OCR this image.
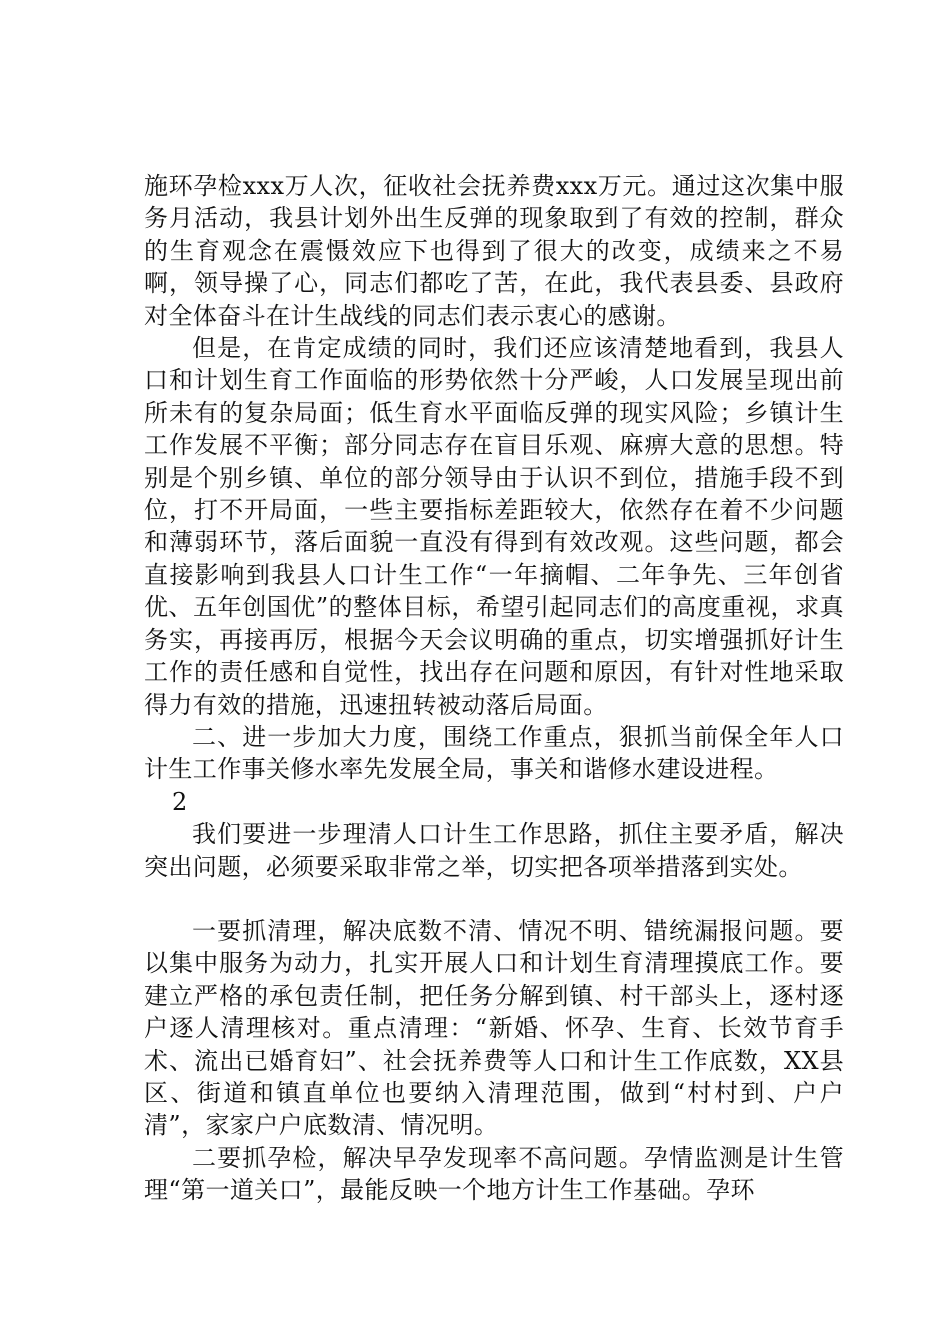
施环孕检xxx万人次，征收社会抚养费xxx万元。通过这次集中服务月活动，我县计划外出生反弹的现象取到了有效的控制，群众的生育观念在震慑效应下也得到了很大的改变，成绩来之不易啊，领导操了心，同志们都吃了苦，在此，我代表县委、县政府对全体奋斗在计生战线的同志们表示衷心的感谢。

但是，在肯定成绩的同时，我们还应该清楚地看到，我县人口和计划生育工作面临的形势依然十分严峻，人口发展呈现出前所未有的复杂局面；低生育水平面临反弹的现实风险；乡镇计生工作发展不平衡；部分同志存在盲目乐观、麻痹大意的思想。特别是个别乡镇、单位的部分领导由于认识不到位，措施手段不到位，打不开局面，一些主要指标差距较大，依然存在着不少问题和薄弱环节，落后面貌一直没有得到有效改观。这些问题，都会直接影响到我县人口计生工作“一年摘帽、二年争先、三年创省优、五年创国优”的整体目标，希望引起同志们的高度重视，求真务实，再接再厉，根据今天会议明确的重点，切实增强抓好计生工作的责任感和自觉性，找出存在问题和原因，有针对性地采取得力有效的措施，迅速扭转被动落后局面。

二、进一步加大力度，围绕工作重点，狠抓当前保全年人口计生工作事关修水率先发展全局，事关和谐修水建设进程。

2

我们要进一步理清人口计生工作思路，抓住主要矛盾，解决突出问题，必须要采取非常之举，切实把各项举措落到实处。

一要抓清理，解决底数不清、情况不明、错统漏报问题。要以集中服务为动力，扎实开展人口和计划生育清理摸底工作。要建立严格的承包责任制，把任务分解到镇、村干部头上，逐村逐户逐人清理核对。重点清理：“新婚、怀孕、生育、长效节育手术、流出已婚育妇”、社会抚养费等人口和计生工作底数，XX县区、街道和镇直单位也要纳入清理范围，做到“村村到、户户清”，家家户户底数清、情况明。

二要抓孕检，解决早孕发现率不高问题。孕情监测是计生管理“第一道关口”，最能反映一个地方计生工作基础。孕环
